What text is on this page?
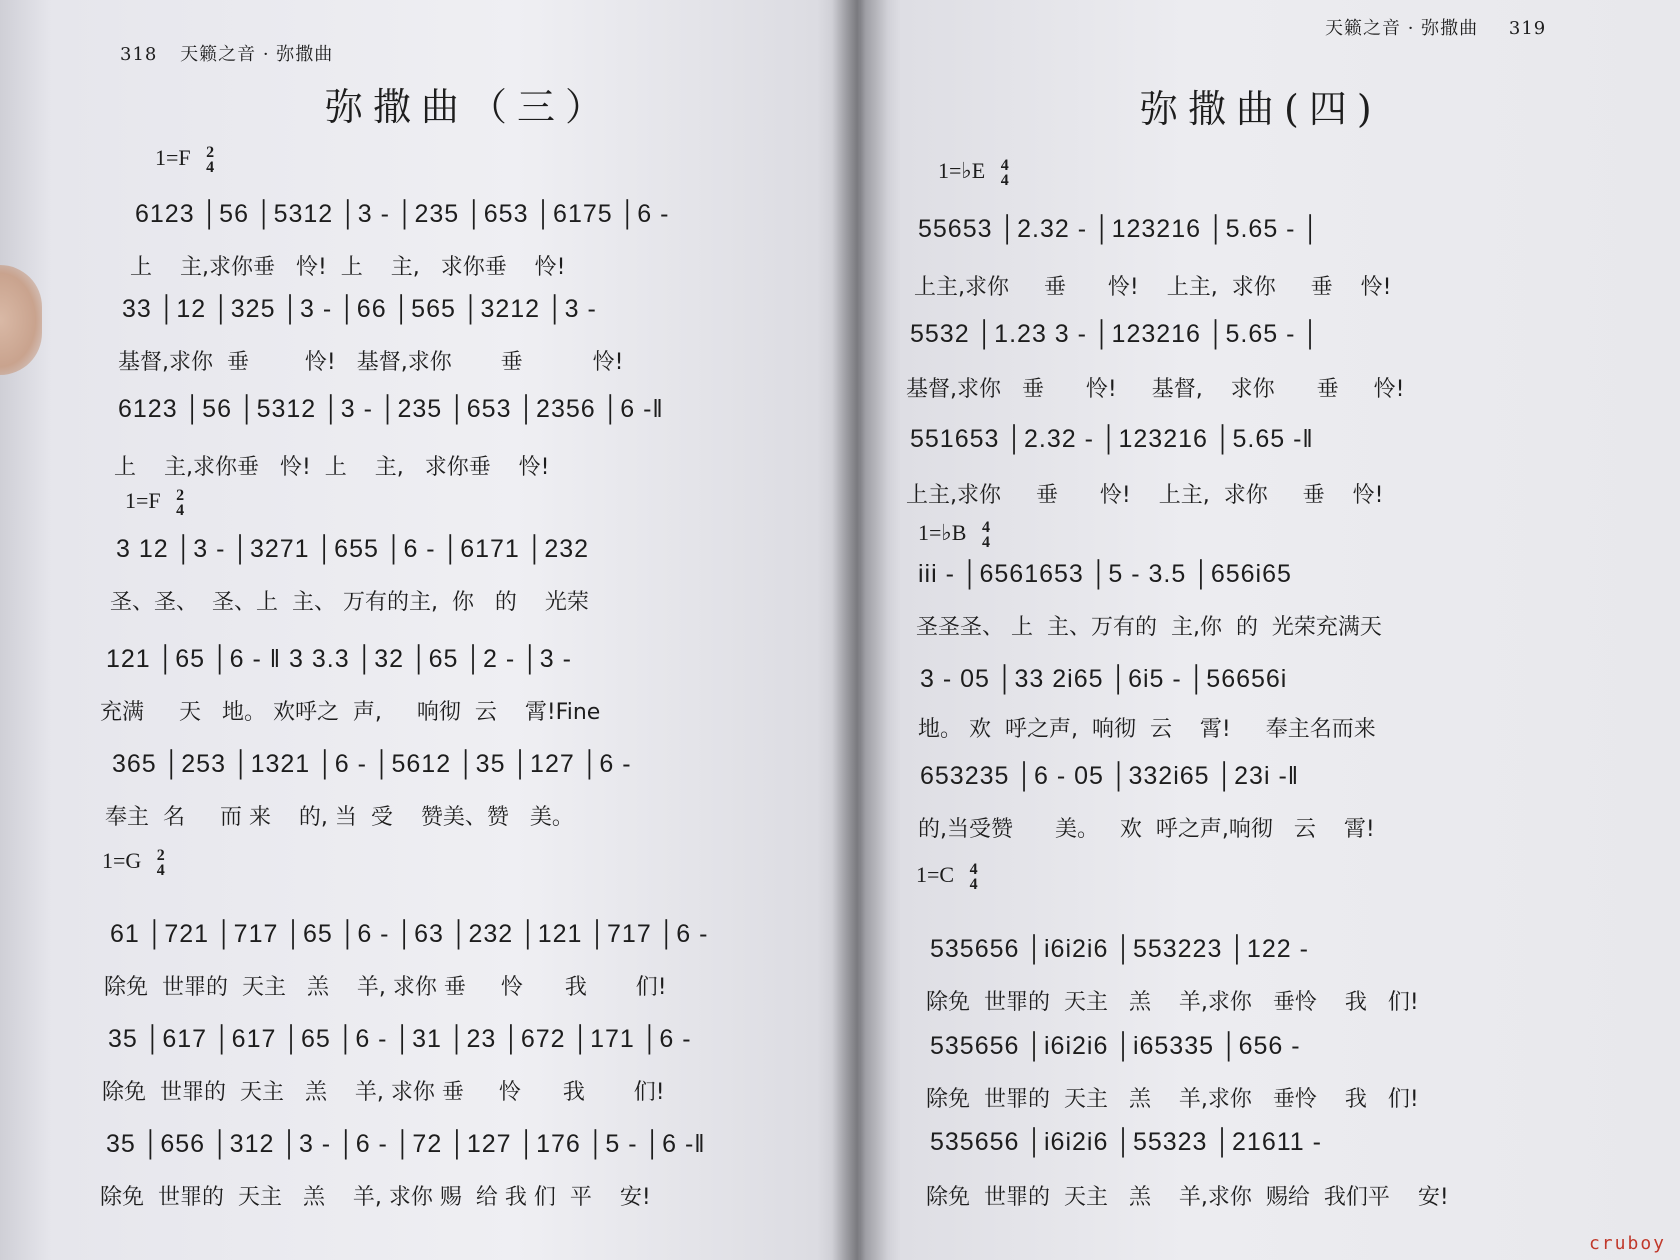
318 天籁之音 · 弥撒曲
弥撒曲（三）
1=F 2
4
6123 │56 │5312 │3 - │235 │653 │6175 │6 -
上    主,求你垂   怜!  上    主,   求你垂    怜!
33 │12 │325 │3 - │66 │565 │3212 │3 -
基督,求你  垂        怜!   基督,求你       垂          怜!
6123 │56 │5312 │3 - │235 │653 │2356 │6 -‖
上    主,求你垂   怜!  上    主,   求你垂    怜!
1=F 2
4
3 12 │3 - │3271 │655 │6 - │6171 │232
圣、圣、  圣、上  主、 万有的主,  你   的    光荣
121 │65 │6 - ‖ 3 3.3 │32 │65 │2 - │3 -
充满     天   地。 欢呼之  声,     响彻  云    霄!Fine
365 │253 │1321 │6 - │5612 │35 │127 │6 -
奉主  名     而 来    的, 当  受    赞美、赞   美。
1=G 2
4
61 │721 │717 │65 │6 - │63 │232 │121 │717 │6 -
除免  世罪的  天主   羔    羊, 求你 垂     怜      我       们!
35 │617 │617 │65 │6 - │31 │23 │672 │171 │6 -
除免  世罪的  天主   羔    羊, 求你 垂     怜      我       们!
35 │656 │312 │3 - │6 - │72 │127 │176 │5 - │6 -‖
除免  世罪的  天主   羔    羊, 求你 赐  给 我 们  平    安!
天籁之音 · 弥撒曲 319
弥撒曲(四)
1=♭E 4
4
55653 │2.32 - │123216 │5.65 - │
上主,求你     垂      怜!    上主,  求你     垂    怜!
5532 │1.23 3 - │123216 │5.65 - │
基督,求你   垂      怜!     基督,    求你      垂     怜!
551653 │2.32 - │123216 │5.65 -‖
上主,求你     垂      怜!    上主,  求你     垂    怜!
1=♭B 4
4
iii - │6561653 │5 - 3.5 │656i65
圣圣圣、 上  主、万有的  主,你  的  光荣充满天
3 - 05 │33 2i65 │6i5 - │56656i
地。 欢  呼之声,  响彻  云    霄!     奉主名而来
653235 │6 - 05 │332i65 │23i -‖
的,当受赞      美。   欢  呼之声,响彻   云    霄!
1=C 4
4
535656 │i6i2i6 │553223 │122 -
除免  世罪的  天主   羔    羊,求你   垂怜    我   们!
535656 │i6i2i6 │i65335 │656 -
除免  世罪的  天主   羔    羊,求你   垂怜    我   们!
535656 │i6i2i6 │55323 │21611 -
除免  世罪的  天主   羔    羊,求你  赐给  我们平    安!
cruboy
